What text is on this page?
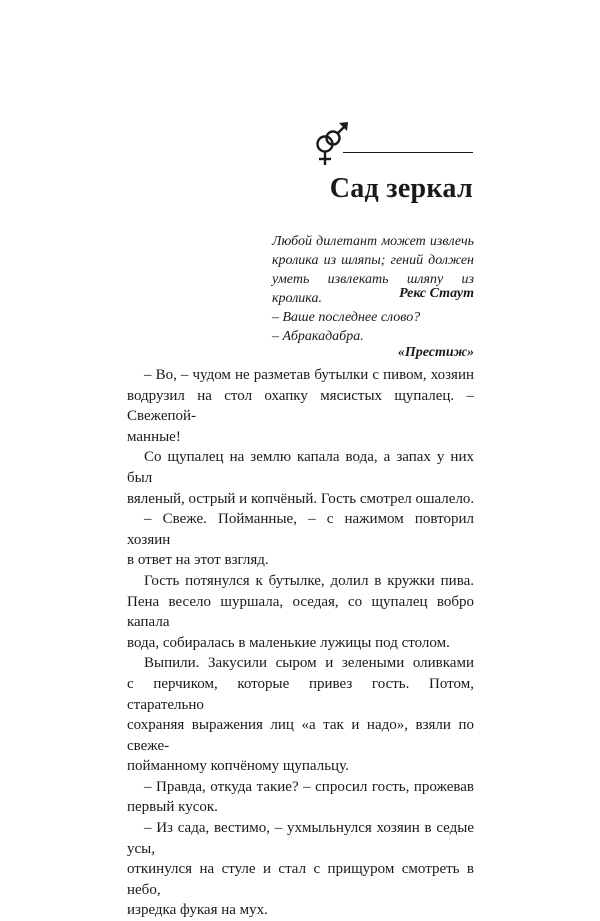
Сад зеркал
Любой дилетант может извлечь
кролика из шляпы; гений должен
уметь извлекать шляпу из кролика.	Рекс Стаут
– Ваше последнее слово?
– Абракадабра.
«Престиж»
– Во, – чудом не разметав бутылки с пивом, хозяин
водрузил на стол охапку мясистых щупалец. – Свежепой-
манные!
Со щупалец на землю капала вода, а запах у них был
вяленый, острый и копчёный. Гость смотрел ошалело.
– Свеже. Пойманные, – с нажимом повторил хозяин
в ответ на этот взгляд.
Гость потянулся к бутылке, долил в кружки пива.
Пена весело шуршала, оседая, со щупалец вобро капала
вода, собиралась в маленькие лужицы под столом.
Выпили. Закусили сыром и зелеными оливками
с перчиком, которые привез гость. Потом, старательно
сохраняя выражения лиц «а так и надо», взяли по свеже-
пойманному копчёному щупальцу.
– Правда, откуда такие? – спросил гость, прожевав
первый кусок.
– Из сада, вестимо, – ухмыльнулся хозяин в седые усы,
откинулся на стуле и стал с прищуром смотреть в небо,
изредка фукая на мух.
